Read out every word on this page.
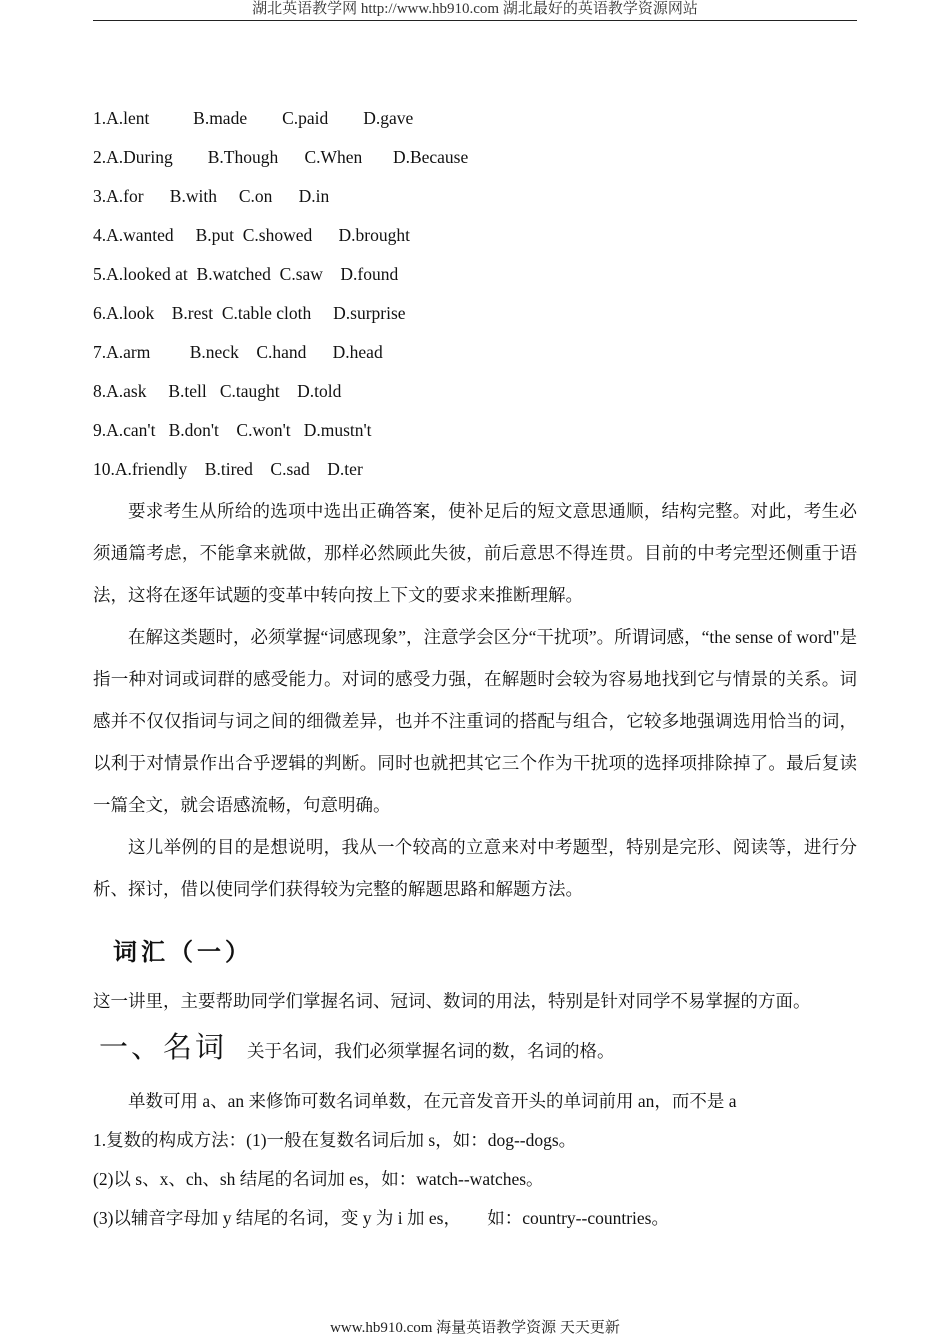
湖北英语教学网 http://www.hb910.com 湖北最好的英语教学资源网站
1.A.lent	B.made C.paid D.gave
2.A.During B.Though C.When D.Because
3.A.for B.with C.on D.in
4.A.wanted B.put C.showed D.brought
5.A.looked at B.watched C.saw D.found
6.A.look B.rest C.table cloth D.surprise
7.A.arm B.neck C.hand D.head
8.A.ask B.tell C.taught D.told
9.A.can't B.don't C.won't D.mustn't
10.A.friendly B.tired C.sad D.ter

要求考生从所给的选项中选出正确答案，使补足后的短文意思通顺，结构完整。对此，考生必须通篇考虑，不能拿来就做，那样必然顾此失彼，前后意思不得连贯。目前的中考完型还侧重于语法，这将在逐年试题的变革中转向按上下文的要求来推断理解。

在解这类题时，必须掌握“词感现象”，注意学会区分“干扰项”。所谓词感，“the sense of word"是指一种对词或词群的感受能力。对词的感受力强，在解题时会较为容易地找到它与情景的关系。词感并不仅仅指词与词之间的细微差异，也并不注重词的搭配与组合，它较多地强调选用恰当的词，以利于对情景作出合乎逻辑的判断。同时也就把其它三个作为干扰项的选择项排除掉了。最后复读一篇全文，就会语感流畅，句意明确。

这儿举例的目的是想说明，我从一个较高的立意来对中考题型，特别是完形、阅读等，进行分析、探讨，借以使同学们获得较为完整的解题思路和解题方法。

词汇（一）

这一讲里，主要帮助同学们掌握名词、冠词、数词的用法，特别是针对同学不易掌握的方面。

一、名词 关于名词，我们必须掌握名词的数，名词的格。

单数可用 a、an 来修饰可数名词单数，在元音发音开头的单词前用 an，而不是 a

1.复数的构成方法：(1)一般在复数名词后加 s，如：dog--dogs。

(2)以 s、x、ch、sh 结尾的名词加 es，如：watch--watches。

(3)以辅音字母加 y 结尾的名词，变 y 为 i 加 es，      如：country--countries。

www.hb910.com 海量英语教学资源 天天更新
